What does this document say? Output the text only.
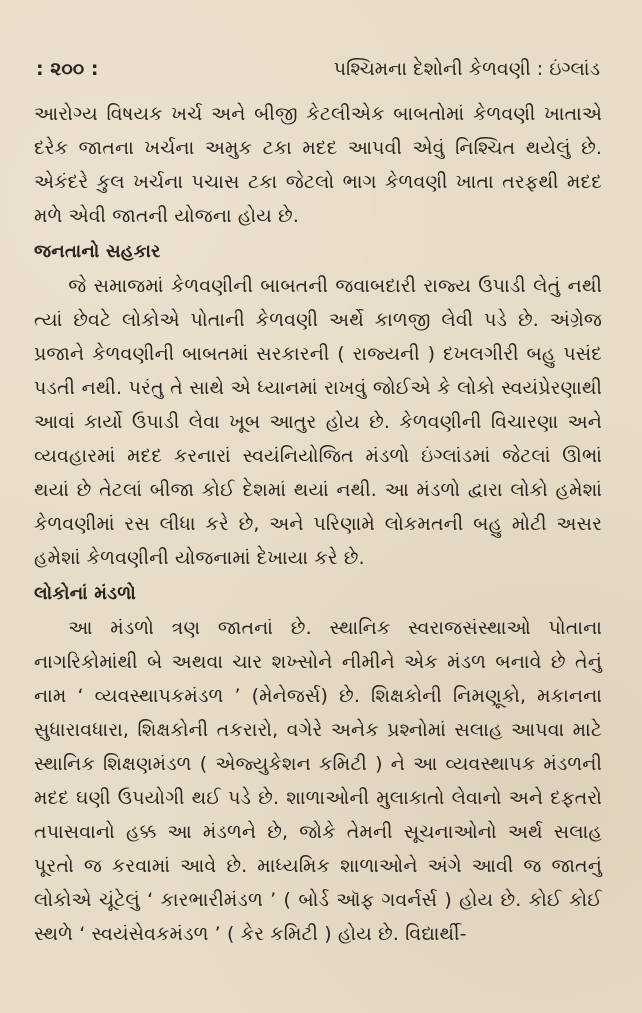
: ૨૦૦ :	પશ્ચિમના દેશોની કેળવણી : ઇંગ્લાંડ

આરોગ્ય વિષયક ખર્ચ અને બીજી કેટલીએક બાબતોમાં કેળવણી ખાતાએ દરેક જાતના ખર્ચના અમુક ટકા મદદ આપવી એવું નિશ્ચિત થયેલું છે. એકંદરે કુલ ખર્ચના પચાસ ટકા જેટલો ભાગ કેળવણી ખાતા તરફથી મદદ મળે એવી જાતની યોજના હોય છે.

જનતાનો સહકાર

જે સમાજમાં કેળવણીની બાબતની જવાબદારી રાજ્ય ઉપાડી લેતું નથી ત્યાં છેવટે લોકોએ પોતાની કેળવણી અર્થે કાળજી લેવી પડે છે. અંગ્રેજ પ્રજાને કેળવણીની બાબતમાં સરકારની ( રાજ્યની ) દખલગીરી બહુ પસંદ પડતી નથી. પરંતુ તે સાથે એ ધ્યાનમાં રાખવું જોઈએ કે લોકો સ્વયંપ્રેરણાથી આવાં કાર્યો ઉપાડી લેવા ખૂબ આતુર હોય છે. કેળવણીની વિચારણા અને વ્યવહારમાં મદદ કરનારાં સ્વયંનિયોજિત મંડળો ઇંગ્લાંડમાં જેટલાં ઊભાં થયાં છે તેટલાં બીજા કોઈ દેશમાં થયાં નથી. આ મંડળો દ્વારા લોકો હમેશાં કેળવણીમાં રસ લીધા કરે છે, અને પરિણામે લોકમતની બહુ મોટી અસર હમેશાં કેળવણીની યોજનામાં દેખાયા કરે છે.

લોકોનાં મંડળો

આ મંડળો ત્રણ જાતનાં છે. સ્થાનિક સ્વરાજસંસ્થાઓ પોતાના નાગરિકોમાંથી બે અથવા ચાર શખ્સોને નીમીને એક મંડળ બનાવે છે તેનું નામ ‘ વ્યવસ્થાપકમંડળ ’ (મેનેજર્સ) છે. શિક્ષકોની નિમણૂકો, મકાનના સુધારાવધારા, શિક્ષકોની તકરારો, વગેરે અનેક પ્રશ્નોમાં સલાહ આપવા માટે સ્થાનિક શિક્ષણમંડળ ( એજ્યુકેશન કમિટી ) ને આ વ્યવસ્થાપક મંડળની મદદ ઘણી ઉપયોગી થઈ પડે છે. શાળાઓની મુલાકાતો લેવાનો અને દફતરો તપાસવાનો હક્ક આ મંડળને છે, જોકે તેમની સૂચનાઓનો અર્થ સલાહ પૂરતો જ કરવામાં આવે છે. માધ્યમિક શાળાઓને અંગે આવી જ જાતનું લોકોએ ચૂંટેલું ‘ કારભારીમંડળ ’ ( બોર્ડ ઑફ ગવર્નર્સ ) હોય છે. કોઈ કોઈ સ્થળે ‘ સ્વયંસેવકમંડળ ’ ( કેર કમિટી ) હોય છે. વિદ્યાર્થી-
